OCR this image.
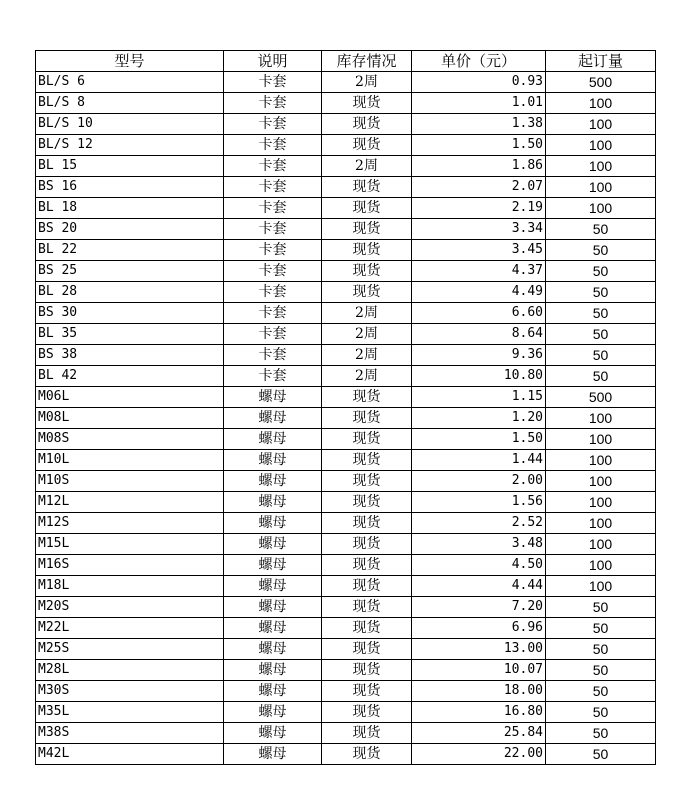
型号	说明	库存情况	单价（元）	起订量
BL/S 6	卡套	2周	0.93	500
BL/S 8	卡套	现货	1.01	100
BL/S 10	卡套	现货	1.38	100
BL/S 12	卡套	现货	1.50	100
BL 15	卡套	2周	1.86	100
BS 16	卡套	现货	2.07	100
BL 18	卡套	现货	2.19	100
BS 20	卡套	现货	3.34	50
BL 22	卡套	现货	3.45	50
BS 25	卡套	现货	4.37	50
BL 28	卡套	现货	4.49	50
BS 30	卡套	2周	6.60	50
BL 35	卡套	2周	8.64	50
BS 38	卡套	2周	9.36	50
BL 42	卡套	2周	10.80	50
M06L	螺母	现货	1.15	500
M08L	螺母	现货	1.20	100
M08S	螺母	现货	1.50	100
M10L	螺母	现货	1.44	100
M10S	螺母	现货	2.00	100
M12L	螺母	现货	1.56	100
M12S	螺母	现货	2.52	100
M15L	螺母	现货	3.48	100
M16S	螺母	现货	4.50	100
M18L	螺母	现货	4.44	100
M20S	螺母	现货	7.20	50
M22L	螺母	现货	6.96	50
M25S	螺母	现货	13.00	50
M28L	螺母	现货	10.07	50
M30S	螺母	现货	18.00	50
M35L	螺母	现货	16.80	50
M38S	螺母	现货	25.84	50
M42L	螺母	现货	22.00	50
